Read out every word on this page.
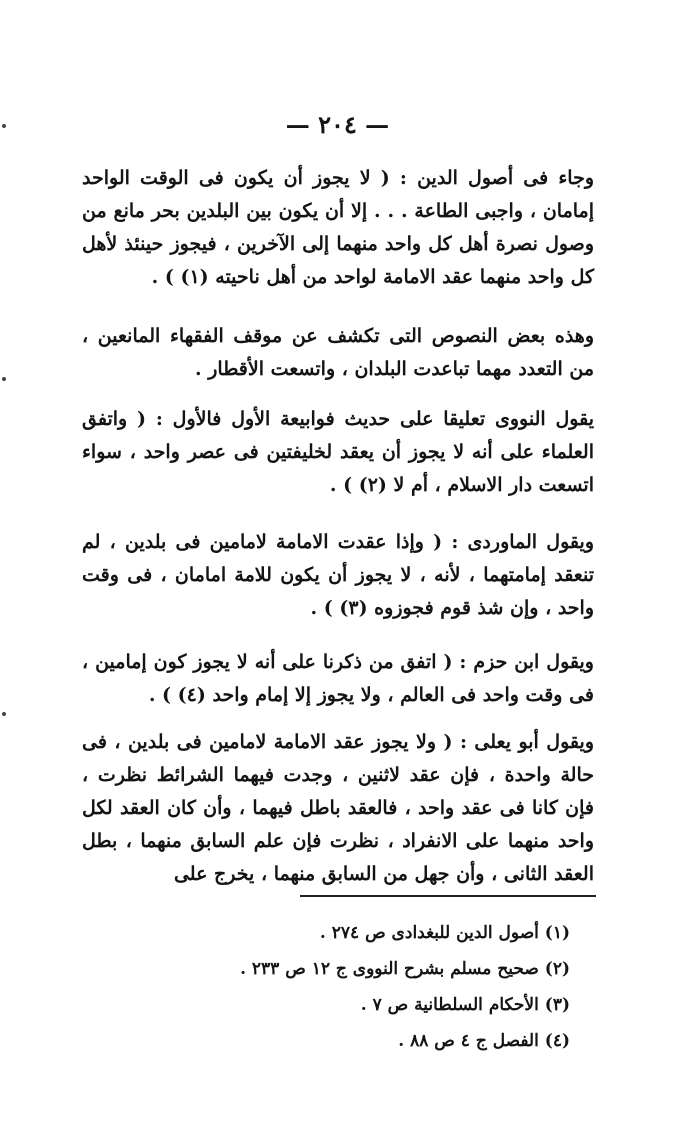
— ٢٠٤ —
وجاء فى أصول الدين : ( لا يجوز أن يكون فى الوقت الواحد إمامان ، واجبى الطاعة . . . إلا أن يكون بين البلدين بحر مانع من وصول نصرة أهل كل واحد منهما إلى الآخرين ، فيجوز حينئذ لأهل كل واحد منهما عقد الامامة لواحد من أهل ناحيته (١) ) .
وهذه بعض النصوص التى تكشف عن موقف الفقهاء المانعين ، من التعدد مهما تباعدت البلدان ، واتسعت الأقطار .
يقول النووى تعليقا على حديث فوابيعة الأول فالأول : ( واتفق العلماء على أنه لا يجوز أن يعقد لخليفتين فى عصر واحد ، سواء اتسعت دار الاسلام ، أم لا (٢) ) .
ويقول الماوردى : ( وإذا عقدت الامامة لامامين فى بلدين ، لم تنعقد إمامتهما ، لأنه ، لا يجوز أن يكون للامة امامان ، فى وقت واحد ، وإن شذ قوم فجوزوه (٣) ) .
ويقول ابن حزم : ( اتفق من ذكرنا على أنه لا يجوز كون إمامين ، فى وقت واحد فى العالم ، ولا يجوز إلا إمام واحد (٤) ) .
ويقول أبو يعلى : ( ولا يجوز عقد الامامة لامامين فى بلدين ، فى حالة واحدة ، فإن عقد لاثنين ، وجدت فيهما الشرائط نظرت ، فإن كانا فى عقد واحد ، فالعقد باطل فيهما ، وأن كان العقد لكل واحد منهما على الانفراد ، نظرت فإن علم السابق منهما ، بطل العقد الثانى ، وأن جهل من السابق منهما ، يخرج على
(١) أصول الدين للبغدادى ص ٢٧٤ .
(٢) صحيح مسلم بشرح النووى ج ١٢ ص ٢٣٣ .
(٣) الأحكام السلطانية ص ٧ .
(٤) الفصل ج ٤ ص ٨٨ .
